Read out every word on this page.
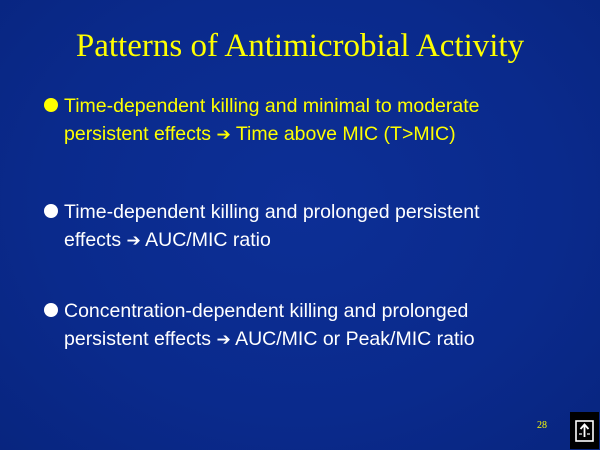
Patterns of Antimicrobial Activity
Time-dependent killing and minimal to moderate
persistent effects ➔ Time above MIC (T>MIC)
Time-dependent killing and prolonged persistent
effects ➔ AUC/MIC ratio
Concentration-dependent killing and prolonged
persistent effects ➔ AUC/MIC or Peak/MIC ratio
28
